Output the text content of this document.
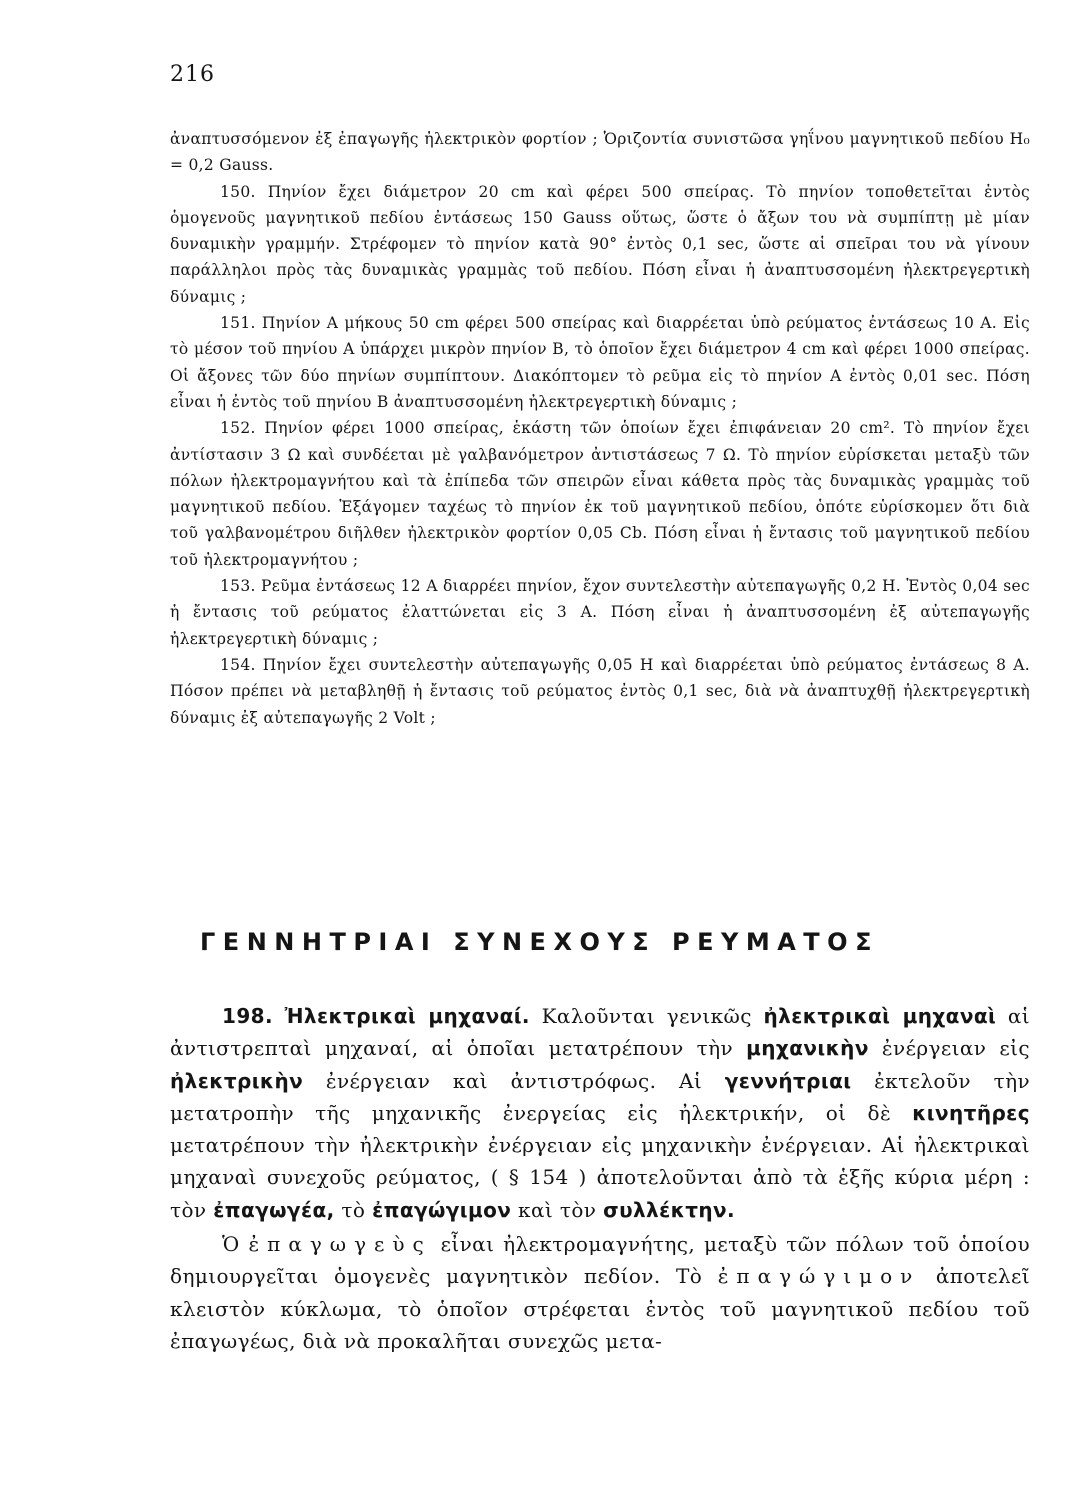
216

ἀναπτυσσόμενον ἐξ ἐπαγωγῆς ἠλεκτρικὸν φορτίον ; Ὁριζοντία συνιστῶσα γηΐνου μαγνητικοῦ πεδίου H₀ = 0,2 Gauss.

150. Πηνίον ἔχει διάμετρον 20 cm καὶ φέρει 500 σπείρας. Τὸ πηνίον τοποθετεῖται ἐντὸς ὁμογενοῦς μαγνητικοῦ πεδίου ἐντάσεως 150 Gauss οὕτως, ὥστε ὁ ἄξων του νὰ συμπίπτῃ μὲ μίαν δυναμικὴν γραμμήν. Στρέφομεν τὸ πηνίον κατὰ 90° ἐντὸς 0,1 sec, ὥστε αἱ σπεῖραι του νὰ γίνουν παράλληλοι πρὸς τὰς δυναμικὰς γραμμὰς τοῦ πεδίου. Πόση εἶναι ἡ ἀναπτυσσομένη ἠλεκτρεγερτικὴ δύναμις ;

151. Πηνίον A μήκους 50 cm φέρει 500 σπείρας καὶ διαρρέεται ὑπὸ ρεύματος ἐντάσεως 10 A. Εἰς τὸ μέσον τοῦ πηνίου A ὑπάρχει μικρὸν πηνίον B, τὸ ὁποῖον ἔχει διάμετρον 4 cm καὶ φέρει 1000 σπείρας. Οἱ ἄξονες τῶν δύο πηνίων συμπίπτουν. Διακόπτομεν τὸ ρεῦμα εἰς τὸ πηνίον A ἐντὸς 0,01 sec. Πόση εἶναι ἡ ἐντὸς τοῦ πηνίου B ἀναπτυσσομένη ἠλεκτρεγερτικὴ δύναμις ;

152. Πηνίον φέρει 1000 σπείρας, ἑκάστη τῶν ὁποίων ἔχει ἐπιφάνειαν 20 cm². Τὸ πηνίον ἔχει ἀντίστασιν 3 Ω καὶ συνδέεται μὲ γαλβανόμετρον ἀντιστάσεως 7 Ω. Τὸ πηνίον εὑρίσκεται μεταξὺ τῶν πόλων ἠλεκτρομαγνήτου καὶ τὰ ἐπίπεδα τῶν σπειρῶν εἶναι κάθετα πρὸς τὰς δυναμικὰς γραμμὰς τοῦ μαγνητικοῦ πεδίου. Ἐξάγομεν ταχέως τὸ πηνίον ἐκ τοῦ μαγνητικοῦ πεδίου, ὁπότε εὑρίσκομεν ὅτι διὰ τοῦ γαλβανομέτρου διῆλθεν ἠλεκτρικὸν φορτίον 0,05 Cb. Πόση εἶναι ἡ ἔντασις τοῦ μαγνητικοῦ πεδίου τοῦ ἠλεκτρομαγνήτου ;

153. Ρεῦμα ἐντάσεως 12 A διαρρέει πηνίον, ἔχον συντελεστὴν αὐτεπαγωγῆς 0,2 H. Ἐντὸς 0,04 sec ἡ ἔντασις τοῦ ρεύματος ἐλαττώνεται εἰς 3 A. Πόση εἶναι ἡ ἀναπτυσσομένη ἐξ αὐτεπαγωγῆς ἠλεκτρεγερτικὴ δύναμις ;

154. Πηνίον ἔχει συντελεστὴν αὐτεπαγωγῆς 0,05 H καὶ διαρρέεται ὑπὸ ρεύματος ἐντάσεως 8 A. Πόσον πρέπει νὰ μεταβληθῇ ἡ ἔντασις τοῦ ρεύματος ἐντὸς 0,1 sec, διὰ νὰ ἀναπτυχθῇ ἠλεκτρεγερτικὴ δύναμις ἐξ αὐτεπαγωγῆς 2 Volt ;

ΓΕΝΝΗΤΡΙΑΙ ΣΥΝΕΧΟΥΣ ΡΕΥΜΑΤΟΣ

198. Ἠλεκτρικαὶ μηχαναί. Καλοῦνται γενικῶς ἠλεκτρικαὶ μηχαναὶ αἱ ἀντιστρεπταὶ μηχαναί, αἱ ὁποῖαι μετατρέπουν τὴν μηχανικὴν ἐνέργειαν εἰς ἠλεκτρικὴν ἐνέργειαν καὶ ἀντιστρόφως. Αἱ γεννήτριαι ἐκτελοῦν τὴν μετατροπὴν τῆς μηχανικῆς ἐνεργείας εἰς ἠλεκτρικήν, οἱ δὲ κινητῆρες μετατρέπουν τὴν ἠλεκτρικὴν ἐνέργειαν εἰς μηχανικὴν ἐνέργειαν. Αἱ ἠλεκτρικαὶ μηχαναὶ συνεχοῦς ρεύματος, ( § 154 ) ἀποτελοῦνται ἀπὸ τὰ ἑξῆς κύρια μέρη : τὸν ἐπαγωγέα, τὸ ἐπαγώγιμον καὶ τὸν συλλέκτην.

Ὁ ἐπαγωγεὺς εἶναι ἠλεκτρομαγνήτης, μεταξὺ τῶν πόλων τοῦ ὁποίου δημιουργεῖται ὁμογενὲς μαγνητικὸν πεδίον. Τὸ ἐπαγώγιμον ἀποτελεῖ κλειστὸν κύκλωμα, τὸ ὁποῖον στρέφεται ἐντὸς τοῦ μαγνητικοῦ πεδίου τοῦ ἐπαγωγέως, διὰ νὰ προκαλῆται συνεχῶς μετα-
